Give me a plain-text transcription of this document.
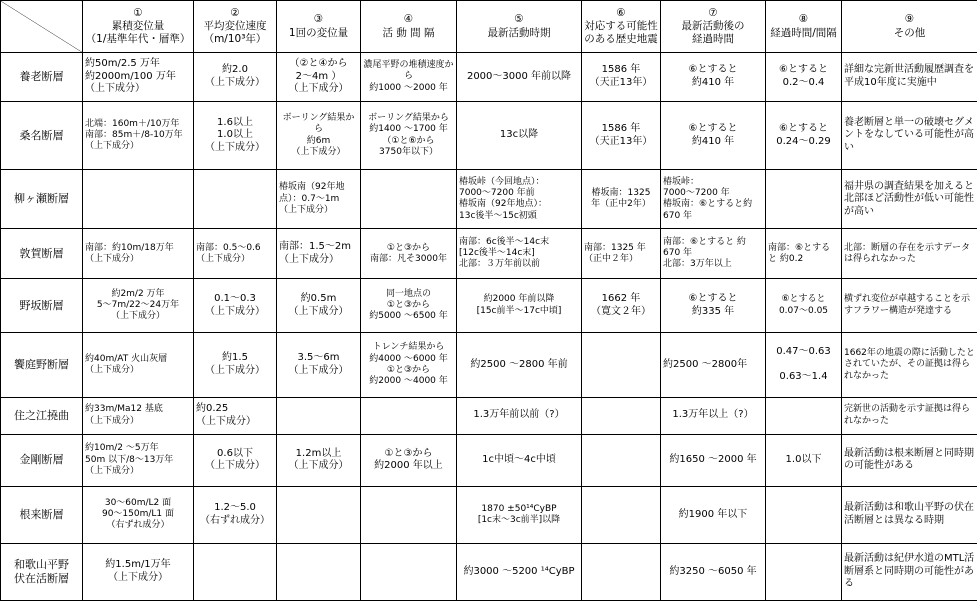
	①
累積変位量
（1/基準年代・層準）	②
平均変位速度
（m/10³年）	③
1回の変位量	④
活 動 間 隔	⑤
最新活動時期	⑥
対応する可能性
のある歴史地震	⑦
最新活動後の
経過時間	⑧
経過時間/間隔	⑨
その他
養老断層	約50m/2.5 万年
約2000m/100 万年
（上下成分）	約2.0
（上下成分）	（②と④から
2～4m ）
（上下成分）	濃尾平野の堆積速度から
約1000 ～2000 年	2000～3000 年前以降	1586 年
（天正13年）	⑥とすると
約410 年	⑥とすると
0.2～0.4	詳細な完新世活動履歴調査を平成10年度に実施中
桑名断層	北端：160m＋/10万年
南部：85m＋/8-10万年
（上下成分）	1.6以上
1.0以上
（上下成分）	ボーリング結果から
約6m
（上下成分）	ボーリング結果から
約1400 ～1700 年
（①と⑥から
3750年以下）	13c以降	1586 年
（天正13年）	⑥とすると
約410 年	⑥とすると
0.24～0.29	養老断層と単一の破壊セグメントをなしている可能性が高い
柳ヶ瀬断層			椿坂南（92年地点）：0.7～1m
（上下成分）		椿坂峠（今回地点）：
7000～7200 年前
椿坂南（92年地点）：
13c後半～15c初頭	椿坂南：1325
年（正中2年）	椿坂峠：
7000～7200 年
椿坂南：⑥とすると約670 年		福井県の調査結果を加えると北部ほど活動性が低い可能性が高い
敦賀断層	南部：約10m/18万年
（上下成分）	南部：0.5～0.6
（上下成分）	南部：1.5～2m
（上下成分）	①と③から
南部：凡そ3000年	南部：6c後半～14c末
[12c後半～14c末]
北部：３万年前以前	南部：1325 年
（正中２年）	南部：⑥とすると 約670 年
北部：3万年以上	南部：⑥とすると 約0.2	北部：断層の存在を示すデータは得られなかった
野坂断層	約2m/2 万年
5～7m/22～24万年
（上下成分）	0.1～0.3
（上下成分）	約0.5m
（上下成分）	同一地点の
①と③から
約5000 ～6500 年	約2000 年前以降
[15c前半～17c中頃]	1662 年
（寛文２年）	⑥とすると
約335 年	⑥とすると
0.07～0.05	横ずれ変位が卓越することを示すフラワー構造が発達する
饗庭野断層	約40m/AT 火山灰層
（上下成分）	約1.5
（上下成分）	3.5～6m
（上下成分）	トレンチ結果から
約4000 ～6000 年
①と③から
約2000 ～4000 年	約2500 ～2800 年前		約2500 ～2800年	0.47～0.63

0.63～1.4	1662年の地震の際に活動したとされていたが、その証拠は得られなかった
住之江撓曲	約33m/Ma12 基底
（上下成分）	約0.25
（上下成分）			1.3万年前以前（?）		1.3万年以上（?）		完新世の活動を示す証拠は得られなかった
金剛断層	約10m/2 ～5万年
50m 以下/8～13万年
（上下成分）	0.6以下
（上下成分）	1.2m以上
（上下成分）	①と③から
約2000 年以上	1c中頃～4c中頃		約1650 ～2000 年	1.0以下	最新活動は根来断層と同時期の可能性がある
根来断層	30～60m/L2 面
90～150m/L1 面
（右ずれ成分）	1.2～5.0
（右ずれ成分）			1870 ±50¹⁴CyBP
[1c末～3c前半]以降		約1900 年以下		最新活動は和歌山平野の伏在活断層とは異なる時期
和歌山平野
伏在活断層	約1.5m/1万年
（上下成分）				約3000 ～5200 ¹⁴CyBP		約3250 ～6050 年		最新活動は紀伊水道のMTL活断層系と同時期の可能性がある
